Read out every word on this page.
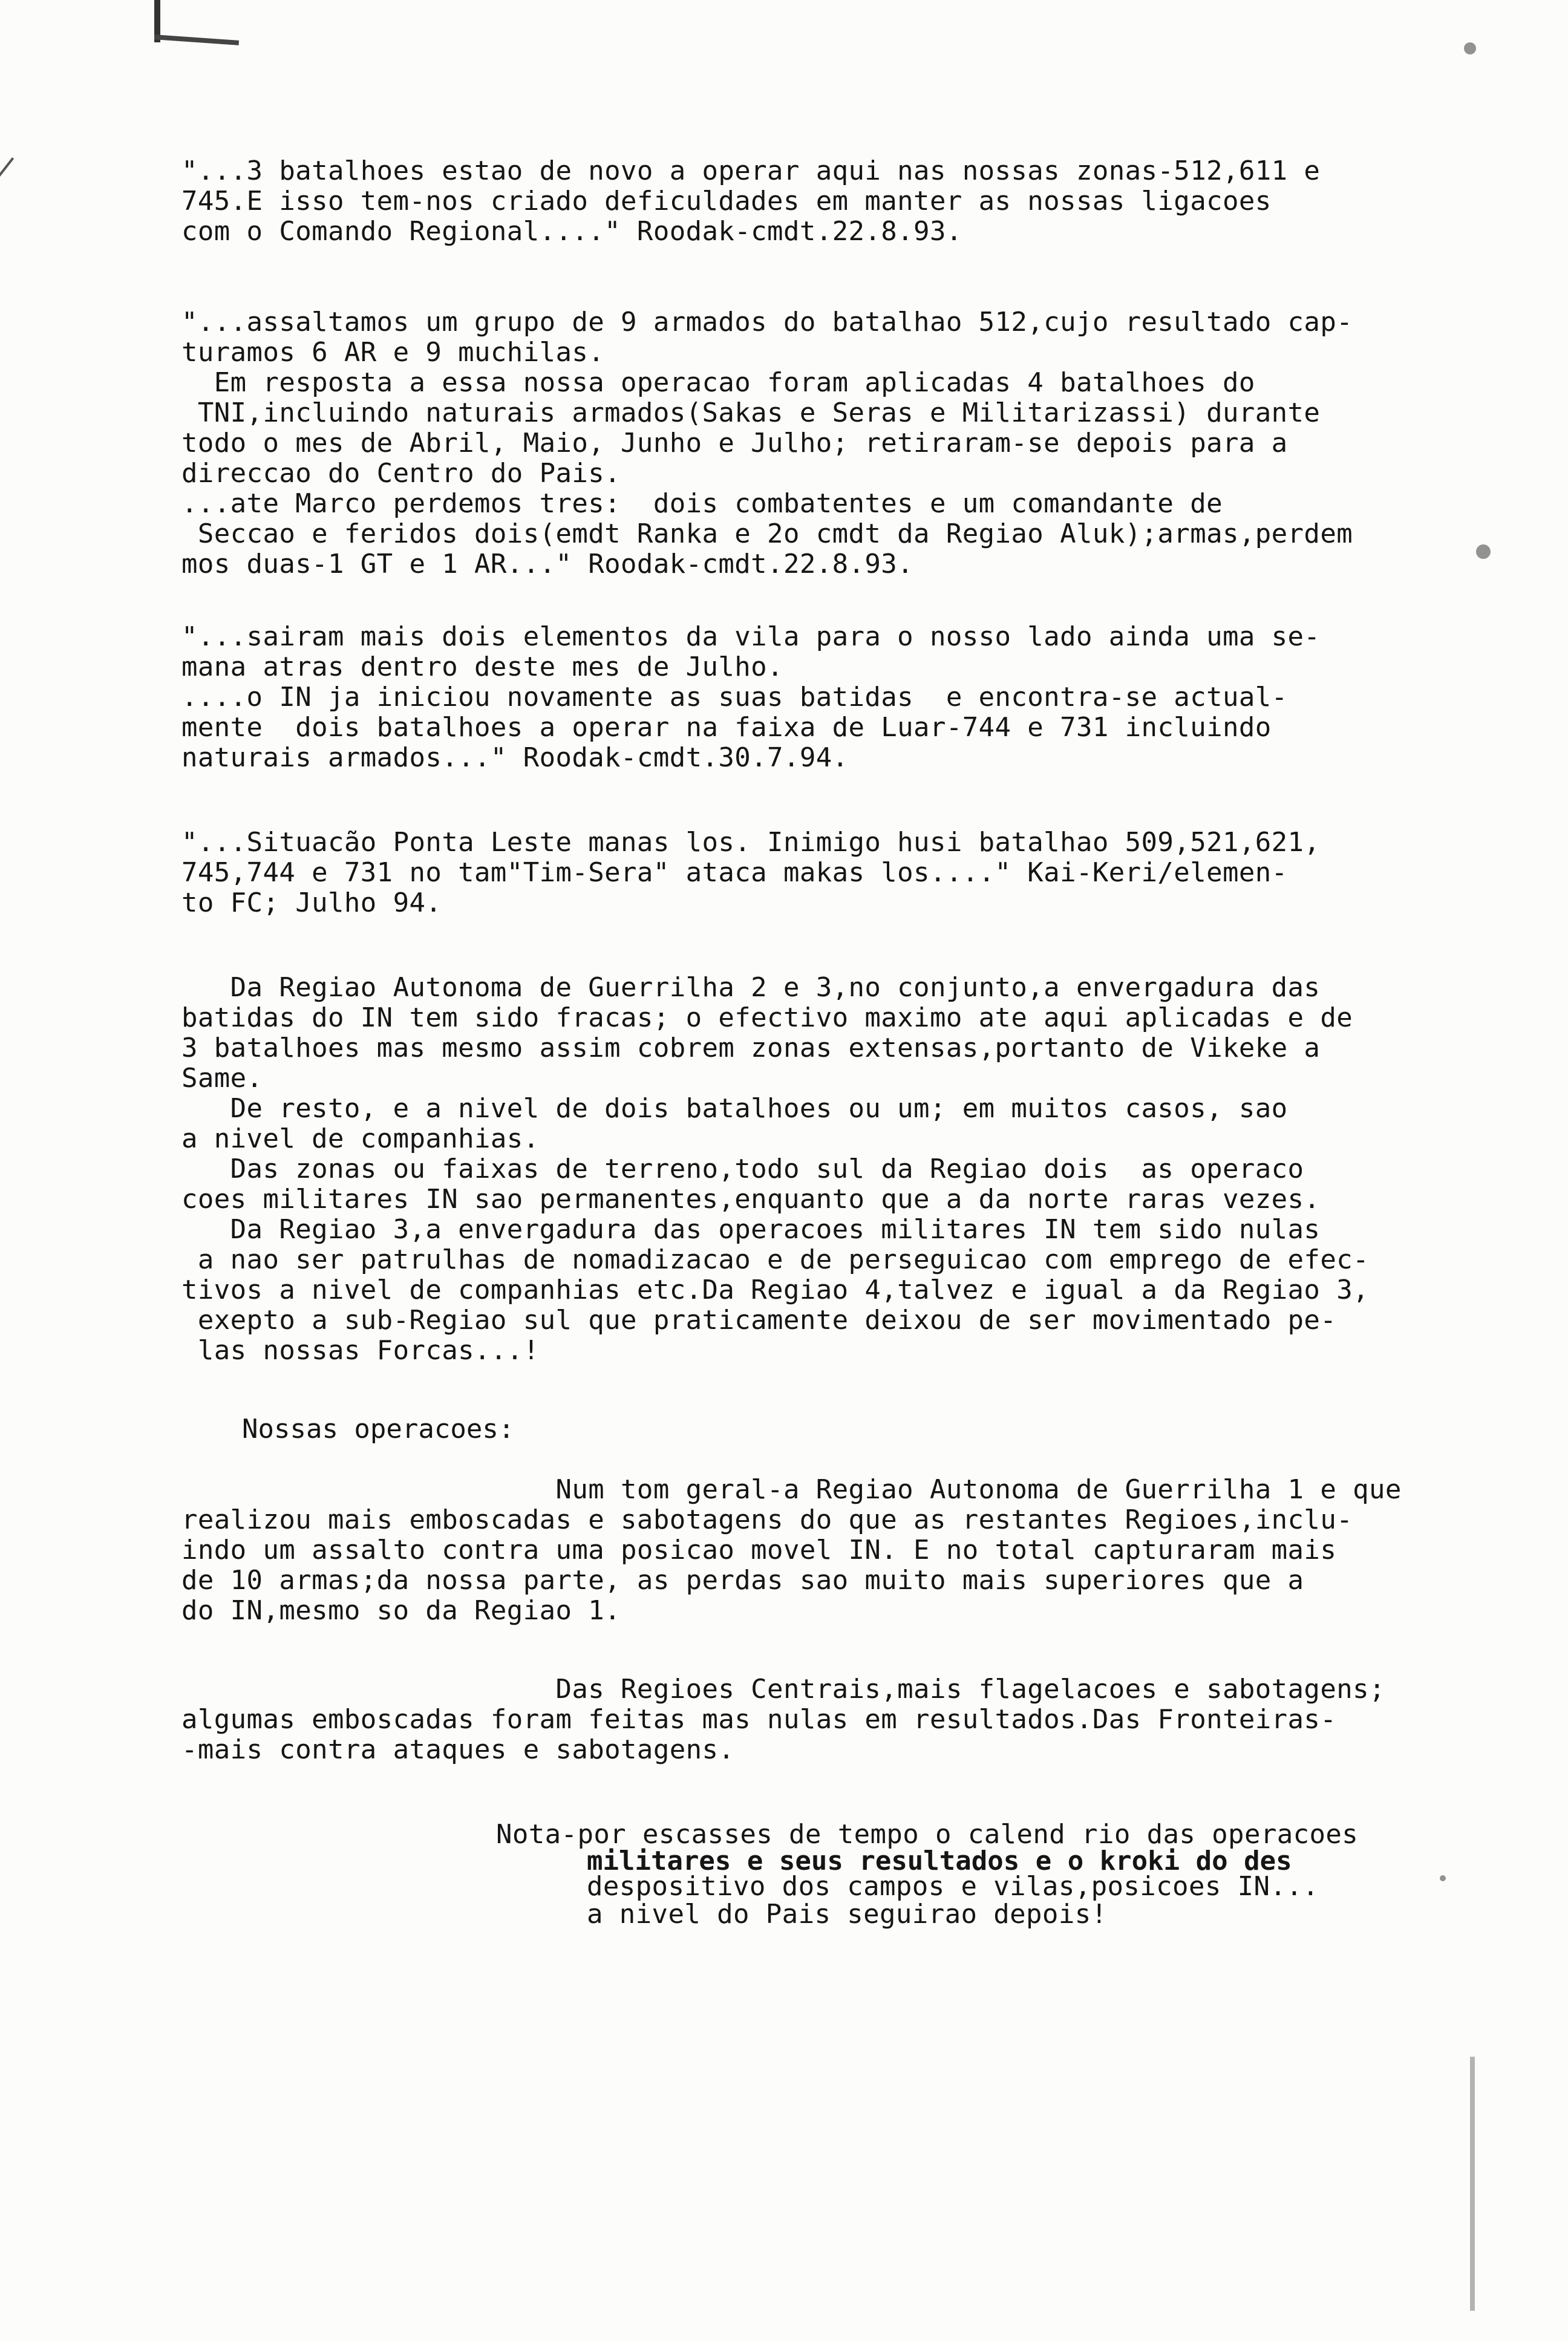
"...3 batalhoes estao de novo a operar aqui nas nossas zonas-512,611 e
745.E isso tem-nos criado deficuldades em manter as nossas ligacoes
com o Comando Regional...." Roodak-cmdt.22.8.93.

"...assaltamos um grupo de 9 armados do batalhao 512,cujo resultado cap-
turamos 6 AR e 9 muchilas.
Em resposta a essa nossa operacao foram aplicadas 4 batalhoes do
TNI,incluindo naturais armados(Sakas e Seras e Militarizassi) durante
todo o mes de Abril, Maio, Junho e Julho; retiraram-se depois para a
direccao do Centro do Pais.
...ate Marco perdemos tres:  dois combatentes e um comandante de
Seccao e feridos dois(emdt Ranka e 2o cmdt da Regiao Aluk);armas,perdem
mos duas-1 GT e 1 AR..." Roodak-cmdt.22.8.93.

"...sairam mais dois elementos da vila para o nosso lado ainda uma se-
mana atras dentro deste mes de Julho.
....o IN ja iniciou novamente as suas batidas  e encontra-se actual-
mente  dois batalhoes a operar na faixa de Luar-744 e 731 incluindo
naturais armados..." Roodak-cmdt.30.7.94.

"...Situacão Ponta Leste manas los. Inimigo husi batalhao 509,521,621,
745,744 e 731 no tam"Tim-Sera" ataca makas los...." Kai-Keri/elemen-
to FC; Julho 94.

Da Regiao Autonoma de Guerrilha 2 e 3,no conjunto,a envergadura das
batidas do IN tem sido fracas; o efectivo maximo ate aqui aplicadas e de
3 batalhoes mas mesmo assim cobrem zonas extensas,portanto de Vikeke a
Same.
De resto, e a nivel de dois batalhoes ou um; em muitos casos, sao
a nivel de companhias.
Das zonas ou faixas de terreno,todo sul da Regiao dois  as operaco
coes militares IN sao permanentes,enquanto que a da norte raras vezes.
Da Regiao 3,a envergadura das operacoes militares IN tem sido nulas
a nao ser patrulhas de nomadizacao e de perseguicao com emprego de efec-
tivos a nivel de companhias etc.Da Regiao 4,talvez e igual a da Regiao 3,
exepto a sub-Regiao sul que praticamente deixou de ser movimentado pe-
las nossas Forcas...!

Nossas operacoes:

Num tom geral-a Regiao Autonoma de Guerrilha 1 e que
realizou mais emboscadas e sabotagens do que as restantes Regioes,inclu-
indo um assalto contra uma posicao movel IN. E no total capturaram mais
de 10 armas;da nossa parte, as perdas sao muito mais superiores que a
do IN,mesmo so da Regiao 1.

Das Regioes Centrais,mais flagelacoes e sabotagens;
algumas emboscadas foram feitas mas nulas em resultados.Das Fronteiras-
-mais contra ataques e sabotagens.

Nota-por escasses de tempo o calend rio das operacoes

militares e seus resultados e o kroki do des

despositivo dos campos e vilas,posicoes IN...

a nivel do Pais seguirao depois!
